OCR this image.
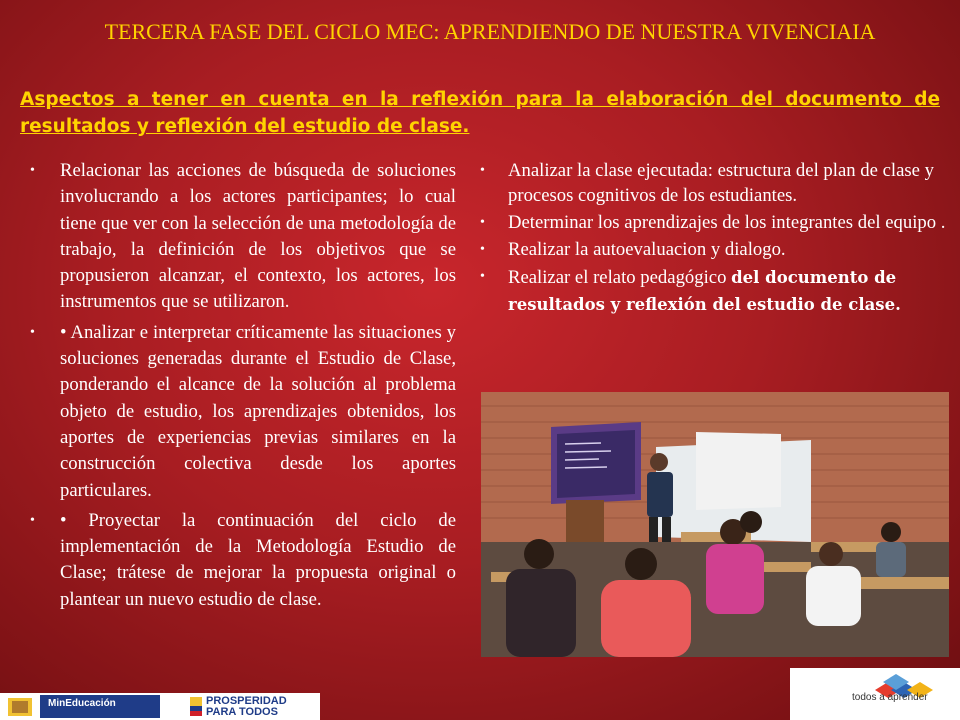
TERCERA FASE DEL CICLO MEC: APRENDIENDO DE NUESTRA VIVENCIAIA
Aspectos a tener en cuenta en la reflexión para la elaboración del documento de resultados y reflexión del estudio de clase.
• Relacionar las acciones de búsqueda de soluciones involucrando a los actores participantes; lo cual tiene que ver con la selección de una metodología de trabajo, la definición de los objetivos que se propusieron alcanzar, el contexto, los actores, los instrumentos que se utilizaron.
• • Analizar e interpretar críticamente las situaciones y soluciones generadas durante el Estudio de Clase, ponderando el alcance de la solución al problema objeto de estudio, los aprendizajes obtenidos, los aportes de experiencias previas similares en la construcción colectiva desde los aportes particulares.
• • Proyectar la continuación del ciclo de implementación de la Metodología Estudio de Clase; trátese de mejorar la propuesta original o plantear un nuevo estudio de clase.
• Analizar la clase ejecutada: estructura del plan de clase y procesos cognitivos de los estudiantes.
• Determinar los aprendizajes de los integrantes del equipo .
• Realizar la autoevaluacion y dialogo.
• Realizar el relato pedagógico del documento de resultados y reflexión del estudio de clase.
MinEducación	PROSPERIDAD
PARA TODOS
todos a aprender
